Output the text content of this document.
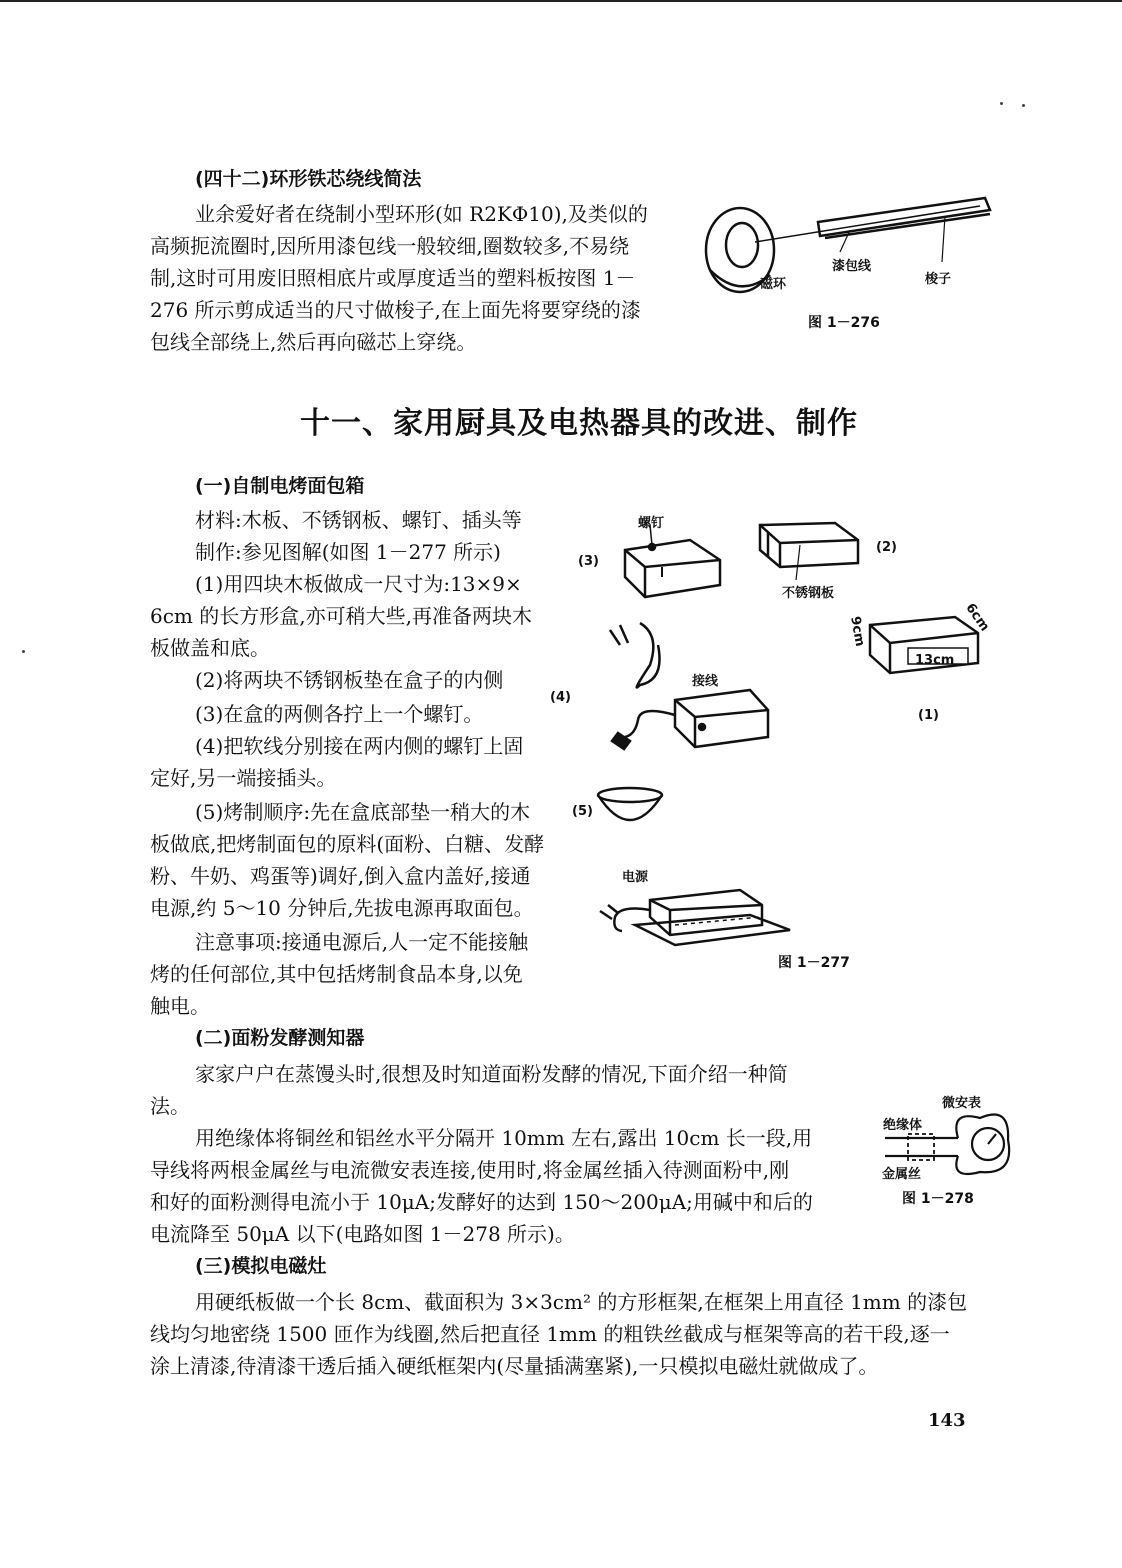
(四十二)环形铁芯绕线简法
业余爱好者在绕制小型环形(如 R2KΦ10),及类似的
高频扼流圈时,因所用漆包线一般较细,圈数较多,不易绕
制,这时可用废旧照相底片或厚度适当的塑料板按图 1－
276 所示剪成适当的尺寸做梭子,在上面先将要穿绕的漆
包线全部绕上,然后再向磁芯上穿绕。
漆包线
磁环	梭子
图 1－276
十一、家用厨具及电热器具的改进、制作
(一)自制电烤面包箱
材料:木板、不锈钢板、螺钉、插头等
制作:参见图解(如图 1－277 所示)
(1)用四块木板做成一尺寸为:13×9×
6cm 的长方形盒,亦可稍大些,再准备两块木
板做盖和底。
(2)将两块不锈钢板垫在盒子的内侧
(3)在盒的两侧各拧上一个螺钉。
(4)把软线分别接在两内侧的螺钉上固
定好,另一端接插头。
(5)烤制顺序:先在盒底部垫一稍大的木
板做底,把烤制面包的原料(面粉、白糖、发酵
粉、牛奶、鸡蛋等)调好,倒入盒内盖好,接通
电源,约 5～10 分钟后,先拔电源再取面包。
注意事项:接通电源后,人一定不能接触
烤的任何部位,其中包括烤制食品本身,以免
触电。
螺钉
不锈钢板
接线
电源
9cm	6cm
13cm
(1)
(2)
(3)
(4)
(5)
图 1－277
(二)面粉发酵测知器
家家户户在蒸馒头时,很想及时知道面粉发酵的情况,下面介绍一种简
法。
用绝缘体将铜丝和铝丝水平分隔开 10mm 左右,露出 10cm 长一段,用
导线将两根金属丝与电流微安表连接,使用时,将金属丝插入待测面粉中,刚
和好的面粉测得电流小于 10μA;发酵好的达到 150～200μA;用碱中和后的
电流降至 50μA 以下(电路如图 1－278 所示)。
微安表
绝缘体
金属丝
图 1－278
(三)模拟电磁灶
用硬纸板做一个长 8cm、截面积为 3×3cm² 的方形框架,在框架上用直径 1mm 的漆包
线均匀地密绕 1500 匝作为线圈,然后把直径 1mm 的粗铁丝截成与框架等高的若干段,逐一
涂上清漆,待清漆干透后插入硬纸框架内(尽量插满塞紧),一只模拟电磁灶就做成了。
143
